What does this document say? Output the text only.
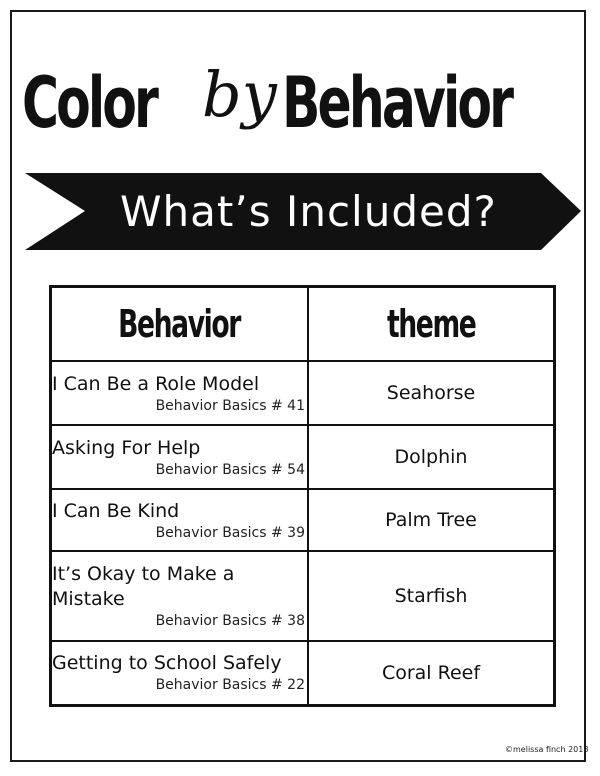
Color by Behavior
What’s Included?
Behavior	theme

I Can Be a Role Model
Behavior Basics # 41	Seahorse

Asking For Help
Behavior Basics # 54	Dolphin

I Can Be Kind
Behavior Basics # 39	Palm Tree

It’s Okay to Make a Mistake
Behavior Basics # 38	Starfish

Getting to School Safely
Behavior Basics # 22	Coral Reef
©melissa finch 2018
